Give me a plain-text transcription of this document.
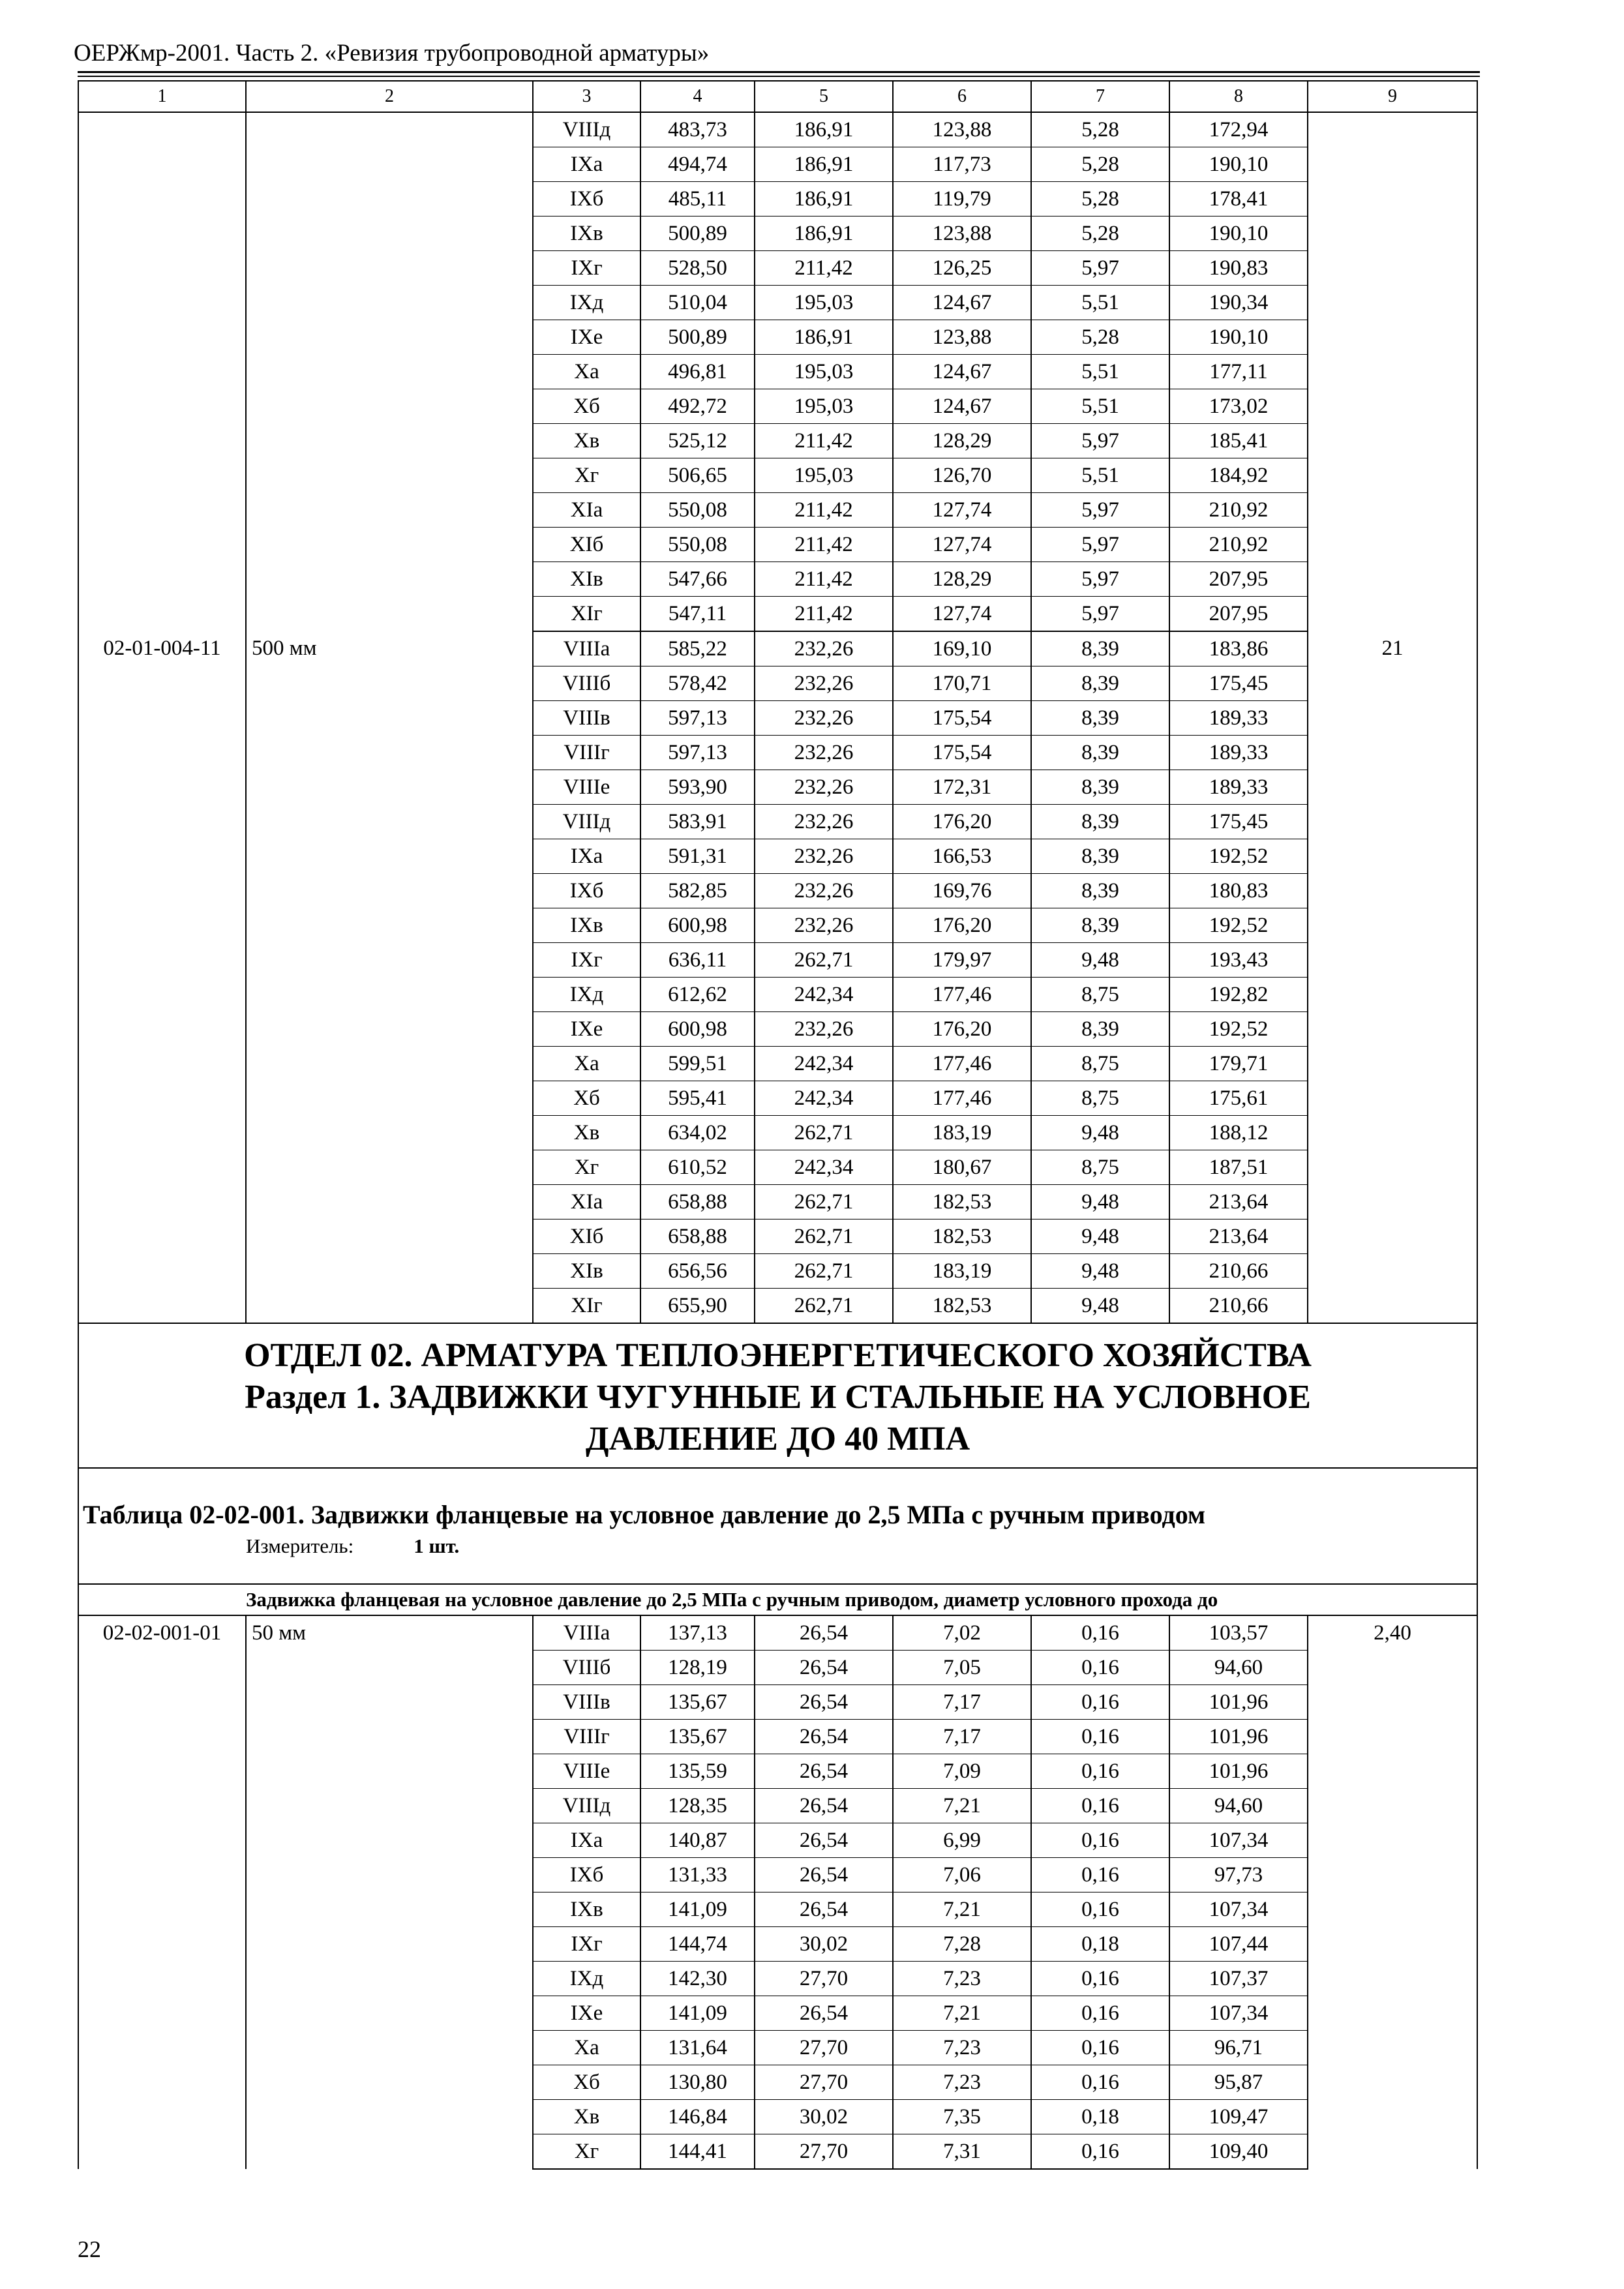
ОЕРЖмр-2001. Часть 2. «Ревизия трубопроводной арматуры»
1	2	3	4	5	6	7	8	9
		VIIIд	483,73	186,91	123,88	5,28	172,94	
		IXа	494,74	186,91	117,73	5,28	190,10	
		IXб	485,11	186,91	119,79	5,28	178,41	
		IXв	500,89	186,91	123,88	5,28	190,10	
		IXг	528,50	211,42	126,25	5,97	190,83	
		IXд	510,04	195,03	124,67	5,51	190,34	
		IXе	500,89	186,91	123,88	5,28	190,10	
		Xа	496,81	195,03	124,67	5,51	177,11	
		Xб	492,72	195,03	124,67	5,51	173,02	
		Xв	525,12	211,42	128,29	5,97	185,41	
		Xг	506,65	195,03	126,70	5,51	184,92	
		XIа	550,08	211,42	127,74	5,97	210,92	
		XIб	550,08	211,42	127,74	5,97	210,92	
		XIв	547,66	211,42	128,29	5,97	207,95	
		XIг	547,11	211,42	127,74	5,97	207,95	
02-01-004-11	500 мм	VIIIа	585,22	232,26	169,10	8,39	183,86	21
		VIIIб	578,42	232,26	170,71	8,39	175,45	
		VIIIв	597,13	232,26	175,54	8,39	189,33	
		VIIIг	597,13	232,26	175,54	8,39	189,33	
		VIIIе	593,90	232,26	172,31	8,39	189,33	
		VIIIд	583,91	232,26	176,20	8,39	175,45	
		IXа	591,31	232,26	166,53	8,39	192,52	
		IXб	582,85	232,26	169,76	8,39	180,83	
		IXв	600,98	232,26	176,20	8,39	192,52	
		IXг	636,11	262,71	179,97	9,48	193,43	
		IXд	612,62	242,34	177,46	8,75	192,82	
		IXе	600,98	232,26	176,20	8,39	192,52	
		Xа	599,51	242,34	177,46	8,75	179,71	
		Xб	595,41	242,34	177,46	8,75	175,61	
		Xв	634,02	262,71	183,19	9,48	188,12	
		Xг	610,52	242,34	180,67	8,75	187,51	
		XIа	658,88	262,71	182,53	9,48	213,64	
		XIб	658,88	262,71	182,53	9,48	213,64	
		XIв	656,56	262,71	183,19	9,48	210,66	
		XIг	655,90	262,71	182,53	9,48	210,66	

ОТДЕЛ 02. АРМАТУРА ТЕПЛОЭНЕРГЕТИЧЕСКОГО ХОЗЯЙСТВА
Раздел 1. ЗАДВИЖКИ ЧУГУННЫЕ И СТАЛЬНЫЕ НА УСЛОВНОЕ
ДАВЛЕНИЕ ДО 40 МПА								

Таблица 02-02-001. Задвижки фланцевые на условное давление до 2,5 МПа с ручным приводом
Измеритель: 1 шт.								

Задвижка фланцевая на условное давление до 2,5 МПа с ручным приводом, диаметр условного прохода до								
02-02-001-01	50 мм	VIIIа	137,13	26,54	7,02	0,16	103,57	2,40
		VIIIб	128,19	26,54	7,05	0,16	94,60	
		VIIIв	135,67	26,54	7,17	0,16	101,96	
		VIIIг	135,67	26,54	7,17	0,16	101,96	
		VIIIе	135,59	26,54	7,09	0,16	101,96	
		VIIIд	128,35	26,54	7,21	0,16	94,60	
		IXа	140,87	26,54	6,99	0,16	107,34	
		IXб	131,33	26,54	7,06	0,16	97,73	
		IXв	141,09	26,54	7,21	0,16	107,34	
		IXг	144,74	30,02	7,28	0,18	107,44	
		IXд	142,30	27,70	7,23	0,16	107,37	
		IXе	141,09	26,54	7,21	0,16	107,34	
		Xа	131,64	27,70	7,23	0,16	96,71	
		Xб	130,80	27,70	7,23	0,16	95,87	
		Xв	146,84	30,02	7,35	0,18	109,47	
		Xг	144,41	27,70	7,31	0,16	109,40	
22
